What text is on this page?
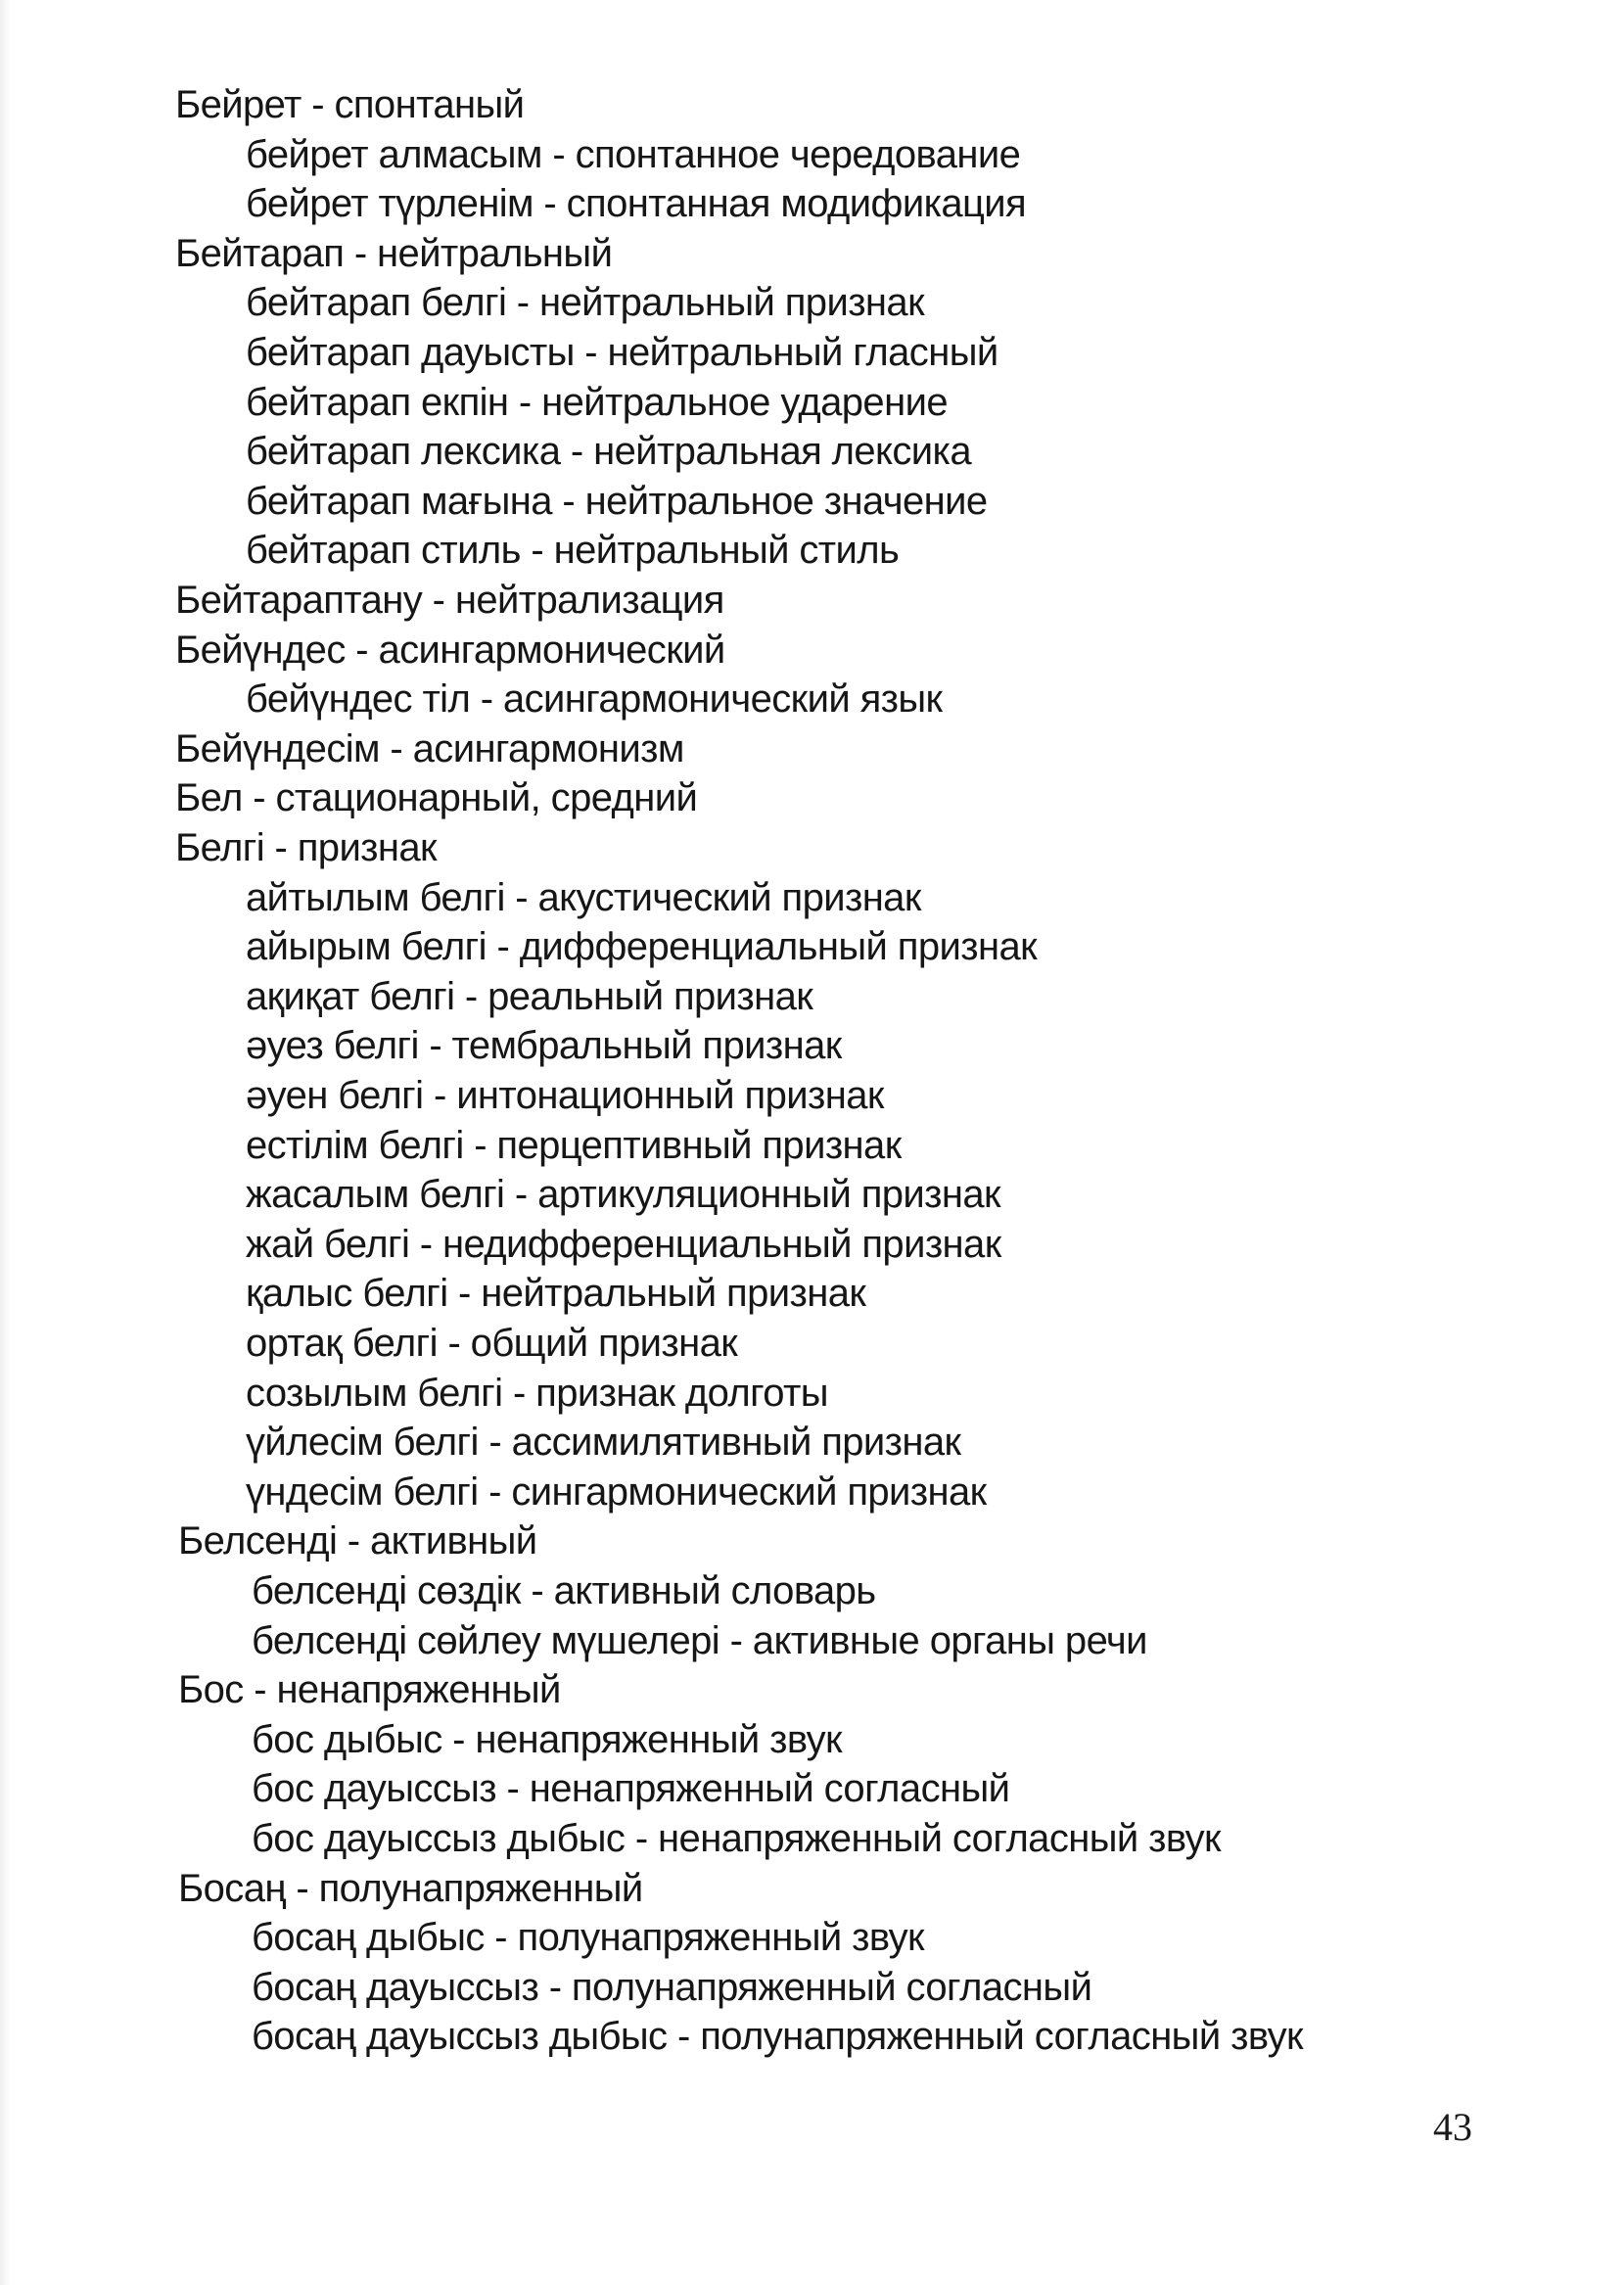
Бейрет - спонтаный
бейрет алмасым - спонтанное чередование
бейрет түрленім - спонтанная модификация
Бейтарап - нейтральный
бейтарап белгі - нейтральный признак
бейтарап дауысты - нейтральный гласный
бейтарап екпін - нейтральное ударение
бейтарап лексика - нейтральная лексика
бейтарап мағына - нейтральное значение
бейтарап стиль - нейтральный стиль
Бейтараптану - нейтрализация
Бейүндес - асингармонический
бейүндес тіл - асингармонический язык
Бейүндесім - асингармонизм
Бел - стационарный, средний
Белгі - признак
айтылым белгі - акустический признак
айырым белгі - дифференциальный признак
ақиқат белгі - реальный признак
әуез белгі - тембральный признак
әуен белгі - интонационный признак
естілім белгі - перцептивный признак
жасалым белгі - артикуляционный признак
жай белгі - недифференциальный признак
қалыс белгі - нейтральный признак
ортақ белгі - общий признак
созылым белгі - признак долготы
үйлесім белгі - ассимилятивный признак
үндесім белгі - сингармонический признак
Белсенді - активный
белсенді сөздік - активный словарь
белсенді сөйлеу мүшелері - активные органы речи
Бос - ненапряженный
бос дыбыс - ненапряженный звук
бос дауыссыз - ненапряженный согласный
бос дауыссыз дыбыс - ненапряженный согласный звук
Босаң - полунапряженный
босаң дыбыс - полунапряженный звук
босаң дауыссыз - полунапряженный согласный
босаң дауыссыз дыбыс - полунапряженный согласный звук
43
